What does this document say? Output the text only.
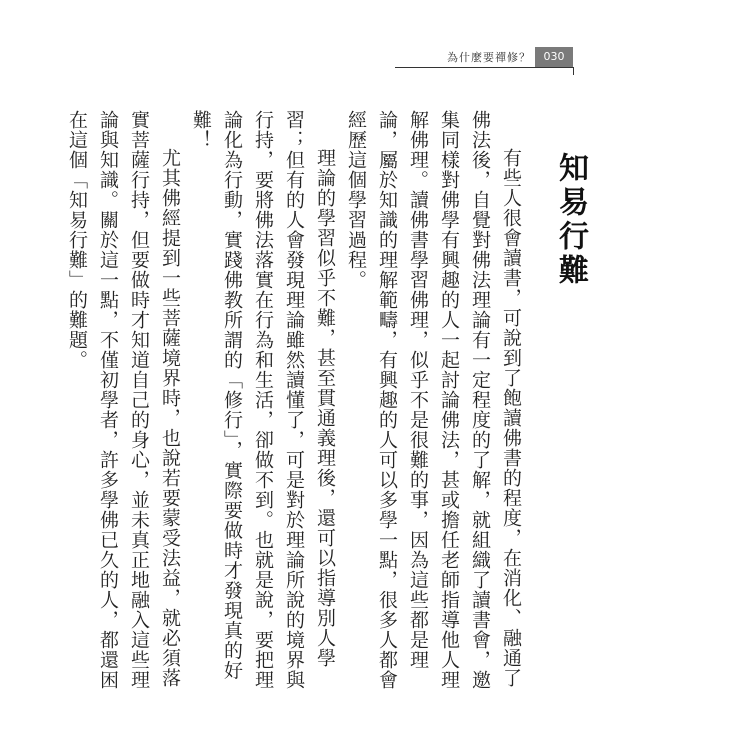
為什麼要禪修？	030
知易行難

有些人很會讀書，可說到了飽讀佛書的程度，在消化、融通了佛法後，自覺對佛法理論有一定程度的了解，就組織了讀書會，邀集同樣對佛學有興趣的人一起討論佛法，甚或擔任老師指導他人理解佛理。讀佛書學習佛理，似乎不是很難的事，因為這些都是理論，屬於知識的理解範疇，有興趣的人可以多學一點，很多人都會經歷這個學習過程。

理論的學習似乎不難，甚至貫通義理後，還可以指導別人學習；但有的人會發現理論雖然讀懂了，可是對於理論所說的境界與行持，要將佛法落實在行為和生活，卻做不到。也就是說，要把理論化為行動，實踐佛教所謂的「修行」，實際要做時才發現真的好難！

尤其佛經提到一些菩薩境界時，也說若要蒙受法益，就必須落實菩薩行持，但要做時才知道自己的身心，並未真正地融入這些理論與知識。關於這一點，不僅初學者，許多學佛已久的人，都還困在這個「知易行難」的難題。
